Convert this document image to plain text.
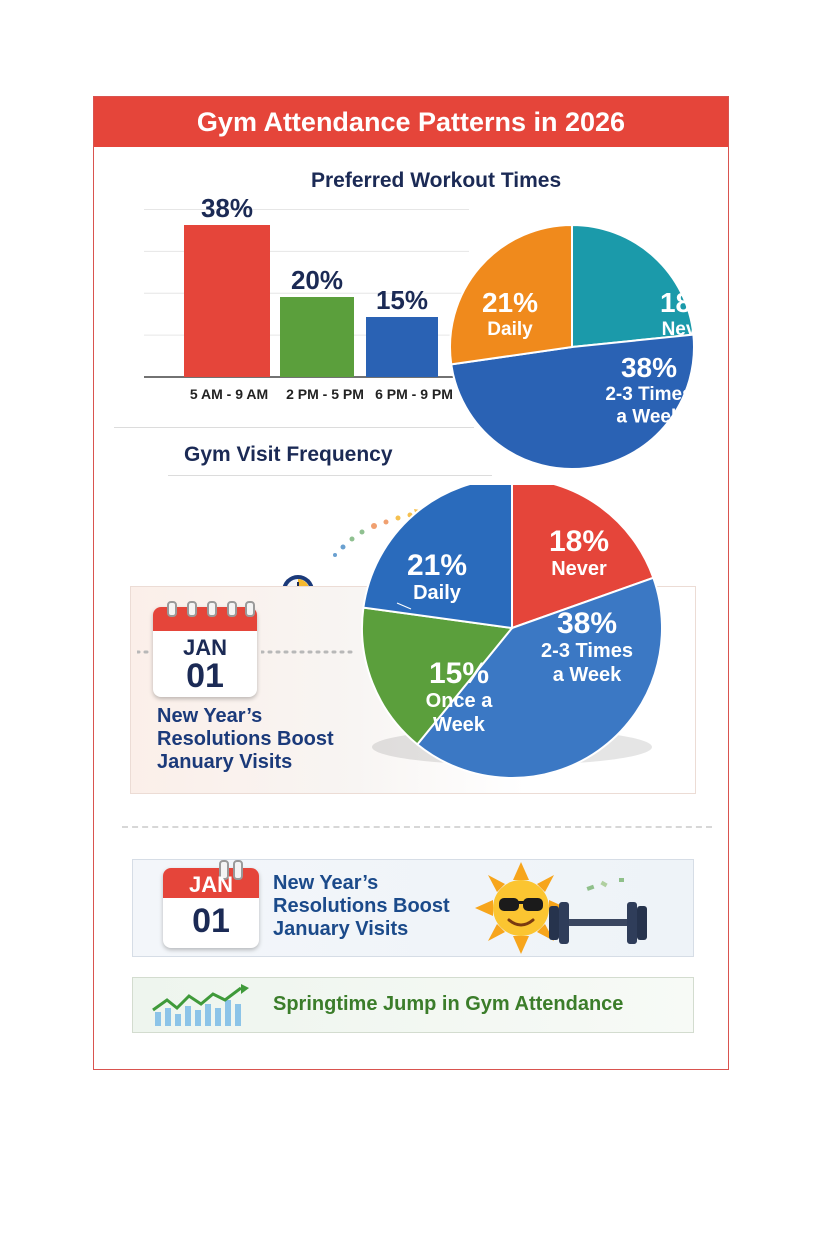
Gym Attendance Patterns in 2026
Preferred Workout Times
38%
5 AM - 9 AM
20%
2 PM - 5 PM
15%
6 PM - 9 PM
18%
Never
38%
2-3 Times
a Week
21%
Daily
Gym Visit Frequency
JAN
01
New Year’s
Resolutions Boost
January Visits
18%
Never
38%
2-3 Times
a Week
15%
Once a
Week
21%
Daily
JAN
01
New Year’s
Resolutions Boost
January Visits
Springtime Jump in Gym Attendance
